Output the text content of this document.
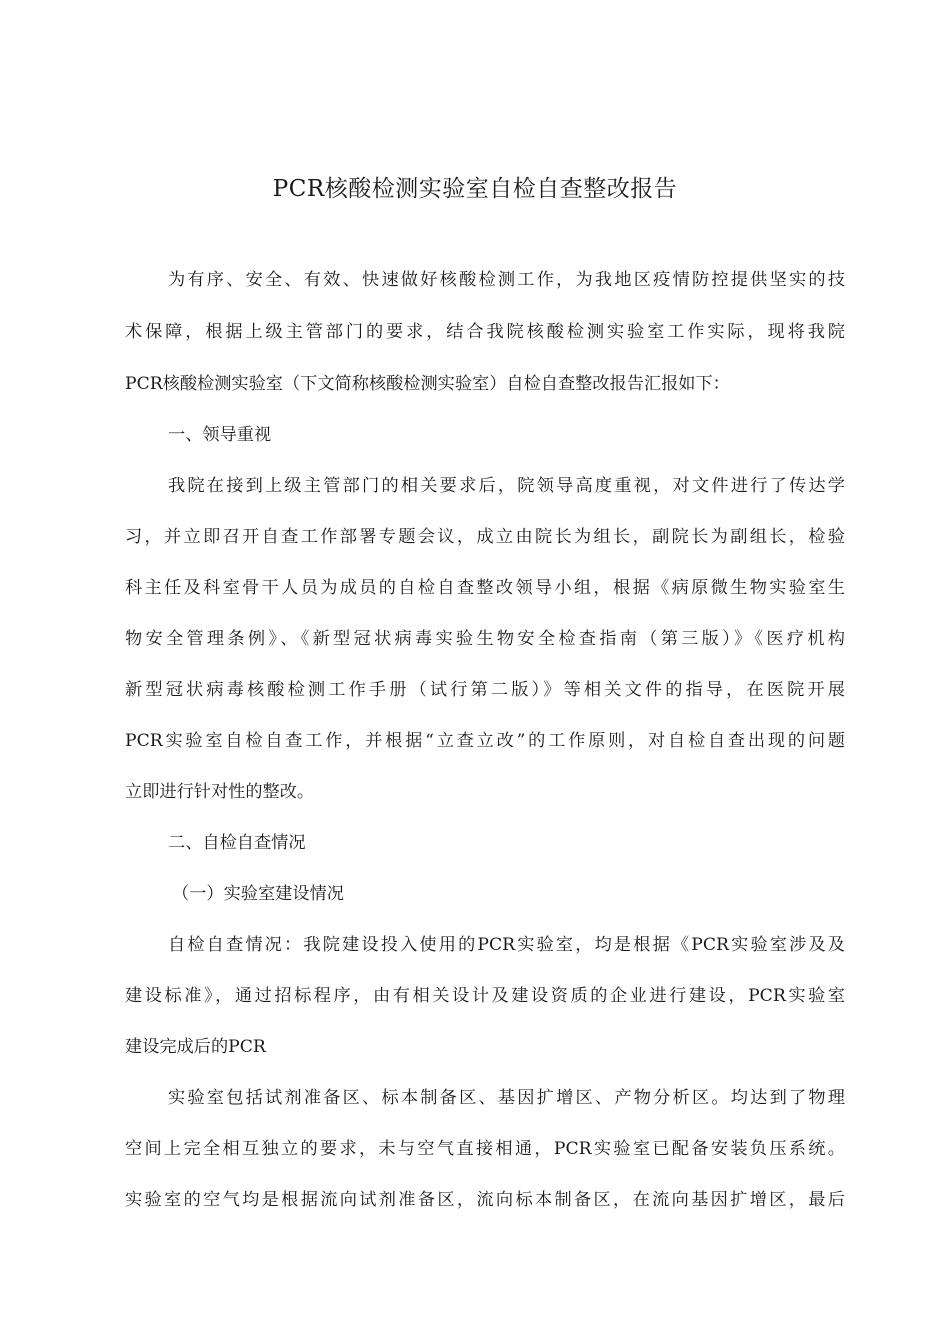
PCR核酸检测实验室自检自查整改报告
为有序、安全、有效、快速做好核酸检测工作，为我地区疫情防控提供坚实的技
术保障，根据上级主管部门的要求，结合我院核酸检测实验室工作实际，现将我院
PCR核酸检测实验室（下文简称核酸检测实验室）自检自查整改报告汇报如下：
一、领导重视
我院在接到上级主管部门的相关要求后，院领导高度重视，对文件进行了传达学
习，并立即召开自查工作部署专题会议，成立由院长为组长，副院长为副组长，检验
科主任及科室骨干人员为成员的自检自查整改领导小组，根据《病原微生物实验室生
物安全管理条例》、《新型冠状病毒实验生物安全检查指南（第三版）》《医疗机构
新型冠状病毒核酸检测工作手册（试行第二版）》等相关文件的指导，在医院开展
PCR实验室自检自查工作，并根据“立查立改”的工作原则，对自检自查出现的问题
立即进行针对性的整改。
二、自检自查情况
（一）实验室建设情况
自检自查情况：我院建设投入使用的PCR实验室，均是根据《PCR实验室涉及及
建设标准》，通过招标程序，由有相关设计及建设资质的企业进行建设，PCR实验室
建设完成后的PCR
实验室包括试剂准备区、标本制备区、基因扩增区、产物分析区。均达到了物理
空间上完全相互独立的要求，未与空气直接相通，PCR实验室已配备安装负压系统。
实验室的空气均是根据流向试剂准备区，流向标本制备区，在流向基因扩增区，最后
